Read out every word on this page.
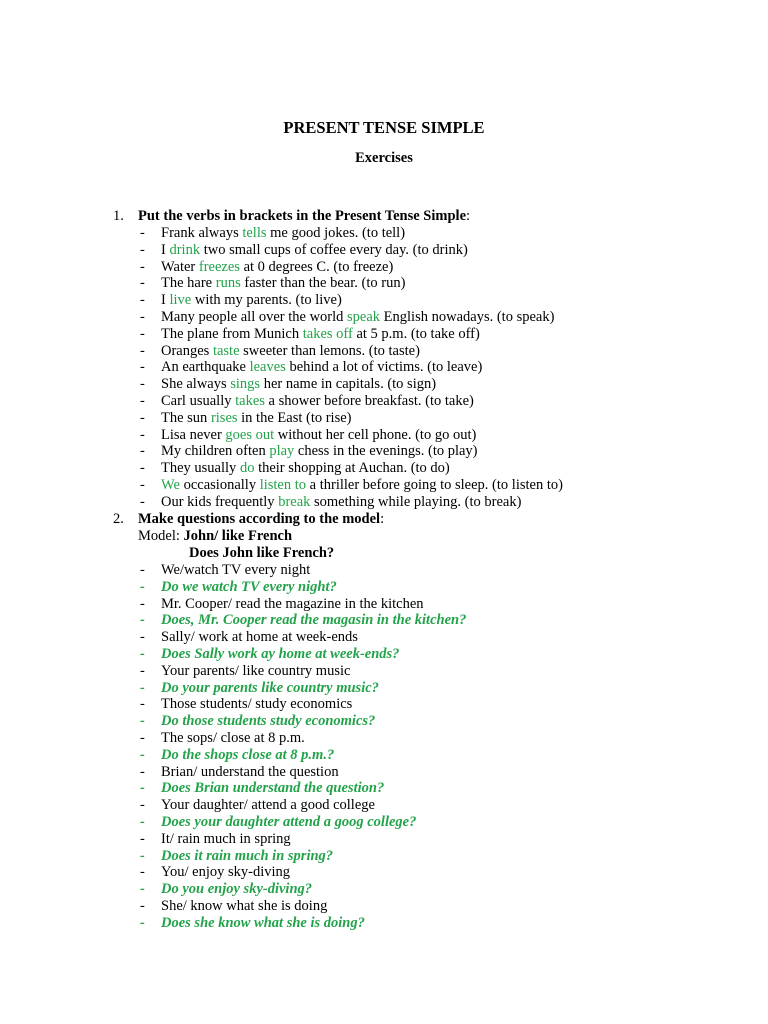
PRESENT TENSE SIMPLE
Exercises
1. Put the verbs in brackets in the Present Tense Simple:
- Frank always tells me good jokes. (to tell)
- I drink two small cups of coffee every day. (to drink)
- Water freezes at 0 degrees C. (to freeze)
- The hare runs faster than the bear. (to run)
- I live with my parents. (to live)
- Many people all over the world speak English nowadays. (to speak)
- The plane from Munich takes off at 5 p.m. (to take off)
- Oranges taste sweeter than lemons. (to taste)
- An earthquake leaves behind a lot of victims. (to leave)
- She always sings her name in capitals. (to sign)
- Carl usually takes a shower before breakfast. (to take)
- The sun rises in the East (to rise)
- Lisa never goes out without her cell phone. (to go out)
- My children often play chess in the evenings. (to play)
- They usually do their shopping at Auchan. (to do)
- We occasionally listen to a thriller before going to sleep. (to listen to)
- Our kids frequently break something while playing. (to break)
2. Make questions according to the model:
Model: John/ like French
Does John like French?
- We/watch TV every night
- Do we watch TV every night?
- Mr. Cooper/ read the magazine in the kitchen
- Does, Mr. Cooper read the magasin in the kitchen?
- Sally/ work at home at week-ends
- Does Sally work ay home at week-ends?
- Your parents/ like country music
- Do your parents like country music?
- Those students/ study economics
- Do those students study economics?
- The sops/ close at 8 p.m.
- Do the shops close at 8 p.m.?
- Brian/ understand the question
- Does Brian understand the question?
- Your daughter/ attend a good college
- Does your daughter attend a goog college?
- It/ rain much in spring
- Does it rain much in spring?
- You/ enjoy sky-diving
- Do you enjoy sky-diving?
- She/ know what she is doing
- Does she know what she is doing?
